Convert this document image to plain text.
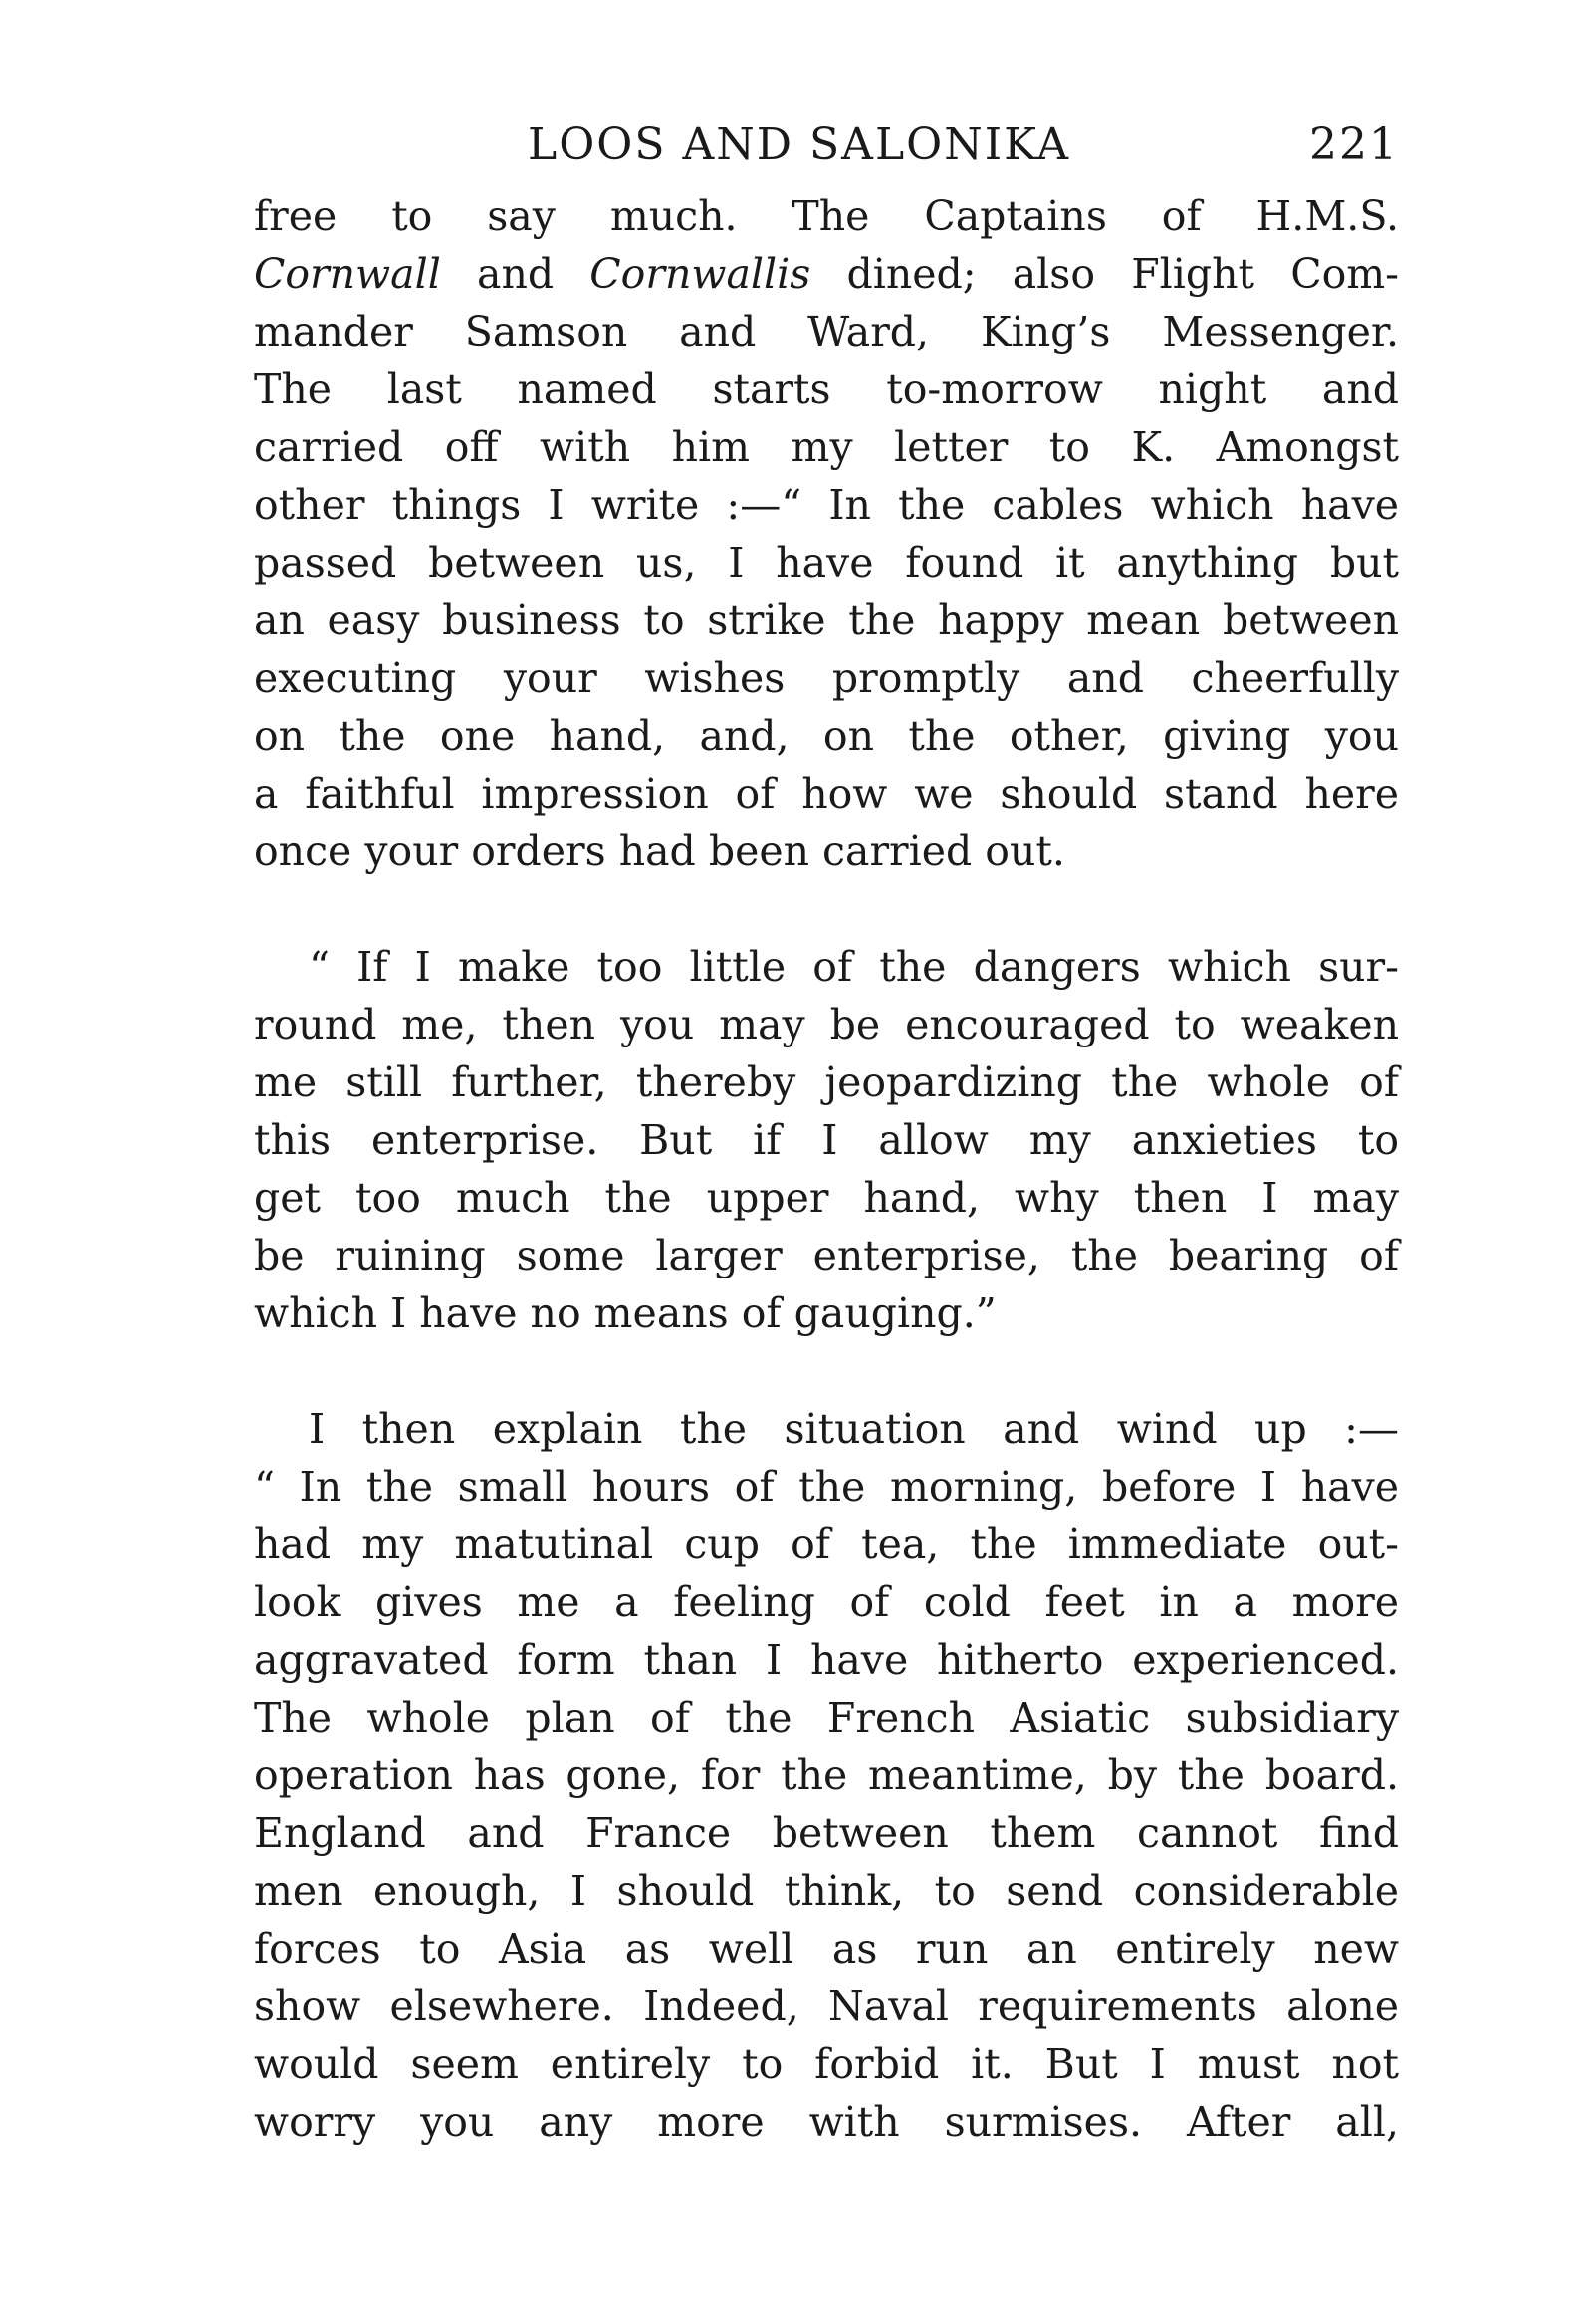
LOOS AND SALONIKA	221
free to say much. The Captains of H.M.S.
Cornwall and Cornwallis dined; also Flight Com-
mander Samson and Ward, King’s Messenger.
The last named starts to-morrow night and
carried off with him my letter to K. Amongst
other things I write :—“ In the cables which have
passed between us, I have found it anything but
an easy business to strike the happy mean between
executing your wishes promptly and cheerfully
on the one hand, and, on the other, giving you
a faithful impression of how we should stand here
once your orders had been carried out.
“ If I make too little of the dangers which sur-
round me, then you may be encouraged to weaken
me still further, thereby jeopardizing the whole of
this enterprise. But if I allow my anxieties to
get too much the upper hand, why then I may
be ruining some larger enterprise, the bearing of
which I have no means of gauging.”
I then explain the situation and wind up :—
“ In the small hours of the morning, before I have
had my matutinal cup of tea, the immediate out-
look gives me a feeling of cold feet in a more
aggravated form than I have hitherto experienced.
The whole plan of the French Asiatic subsidiary
operation has gone, for the meantime, by the board.
England and France between them cannot find
men enough, I should think, to send considerable
forces to Asia as well as run an entirely new
show elsewhere. Indeed, Naval requirements alone
would seem entirely to forbid it. But I must not
worry you any more with surmises. After all,
